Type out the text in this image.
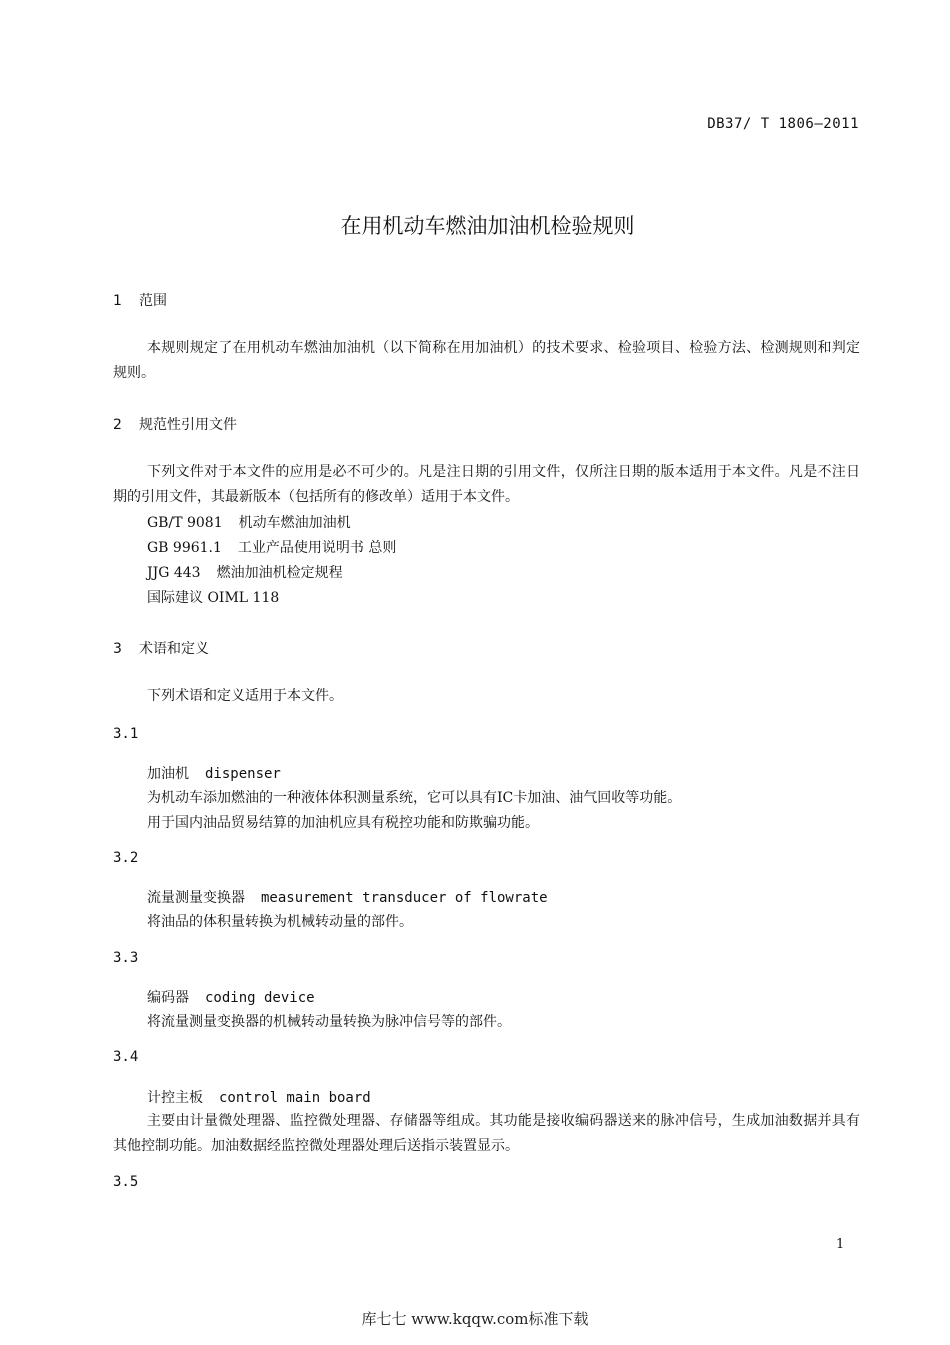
DB37/ T 1806—2011
在用机动车燃油加油机检验规则
1 范围
本规则规定了在用机动车燃油加油机（以下简称在用加油机）的技术要求、检验项目、检验方法、检测规则和判定规则。
2 规范性引用文件
下列文件对于本文件的应用是必不可少的。凡是注日期的引用文件，仅所注日期的版本适用于本文件。凡是不注日期的引用文件，其最新版本（包括所有的修改单）适用于本文件。
GB/T 9081 机动车燃油加油机
GB 9961.1 工业产品使用说明书 总则
JJG 443 燃油加油机检定规程
国际建议 OIML 118
3 术语和定义
下列术语和定义适用于本文件。
3.1
加油机 dispenser
为机动车添加燃油的一种液体体积测量系统，它可以具有IC卡加油、油气回收等功能。
用于国内油品贸易结算的加油机应具有税控功能和防欺骗功能。
3.2
流量测量变换器 measurement transducer of flowrate
将油品的体积量转换为机械转动量的部件。
3.3
编码器 coding device
将流量测量变换器的机械转动量转换为脉冲信号等的部件。
3.4
计控主板 control main board
主要由计量微处理器、监控微处理器、存储器等组成。其功能是接收编码器送来的脉冲信号，生成加油数据并具有其他控制功能。加油数据经监控微处理器处理后送指示装置显示。
3.5
1
库七七 www.kqqw.com标准下载
